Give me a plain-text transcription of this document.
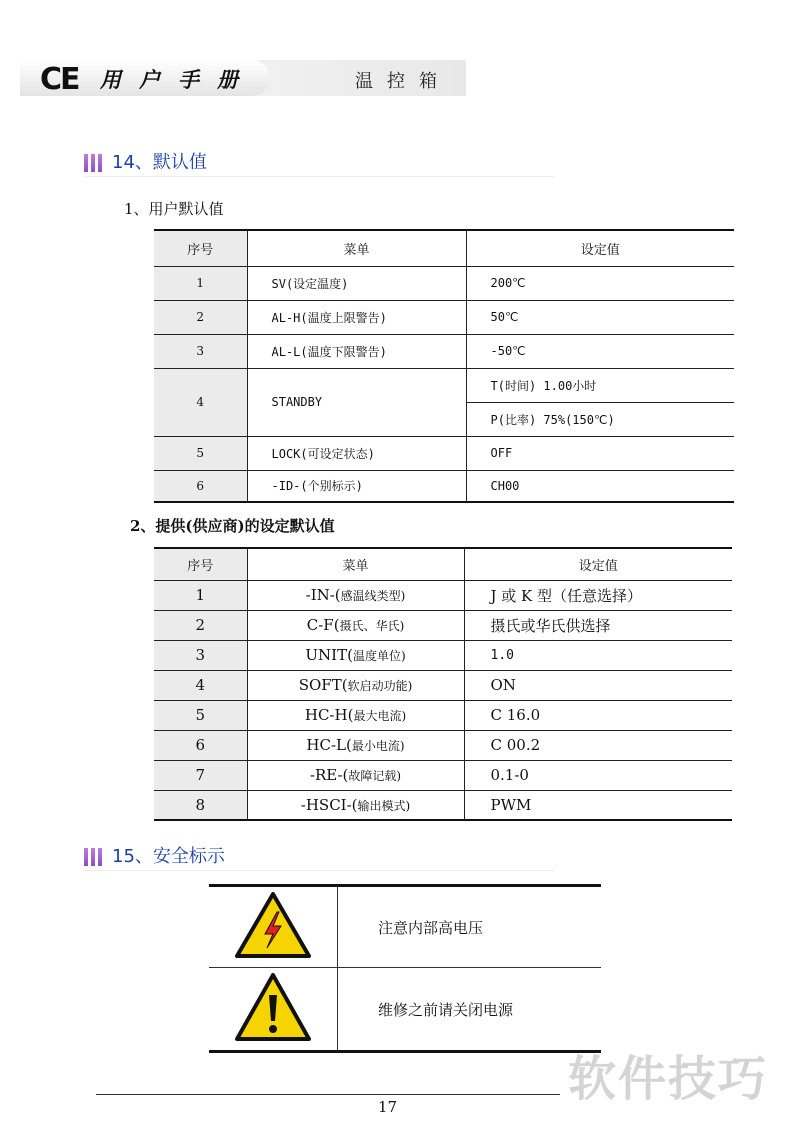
CE 用户手册	温控箱
14、默认值
1、用户默认值
序号	菜单	设定值
1	SV(设定温度)	200℃
2	AL-H(温度上限警告)	50℃
3	AL-L(温度下限警告)	-50℃
4	STANDBY	T(时间) 1.00小时
		P(比率) 75%(150℃)
5	LOCK(可设定状态)	OFF
6	-ID-(个别标示)	CH00
2、提供(供应商)的设定默认值
序号	菜单	设定值
1	-IN-(感温线类型)	J 或 K 型（任意选择）
2	C-F(摄氏、华氏)	摄氏或华氏供选择
3	UNIT(温度单位)	1.0
4	SOFT(软启动功能)	ON
5	HC-H(最大电流)	C 16.0
6	HC-L(最小电流)	C 00.2
7	-RE-(故障记载)	0.1-0
8	-HSCI-(输出模式)	PWM
15、安全标示
	注意内部高电压
	维修之前请关闭电源
17	软件技巧
